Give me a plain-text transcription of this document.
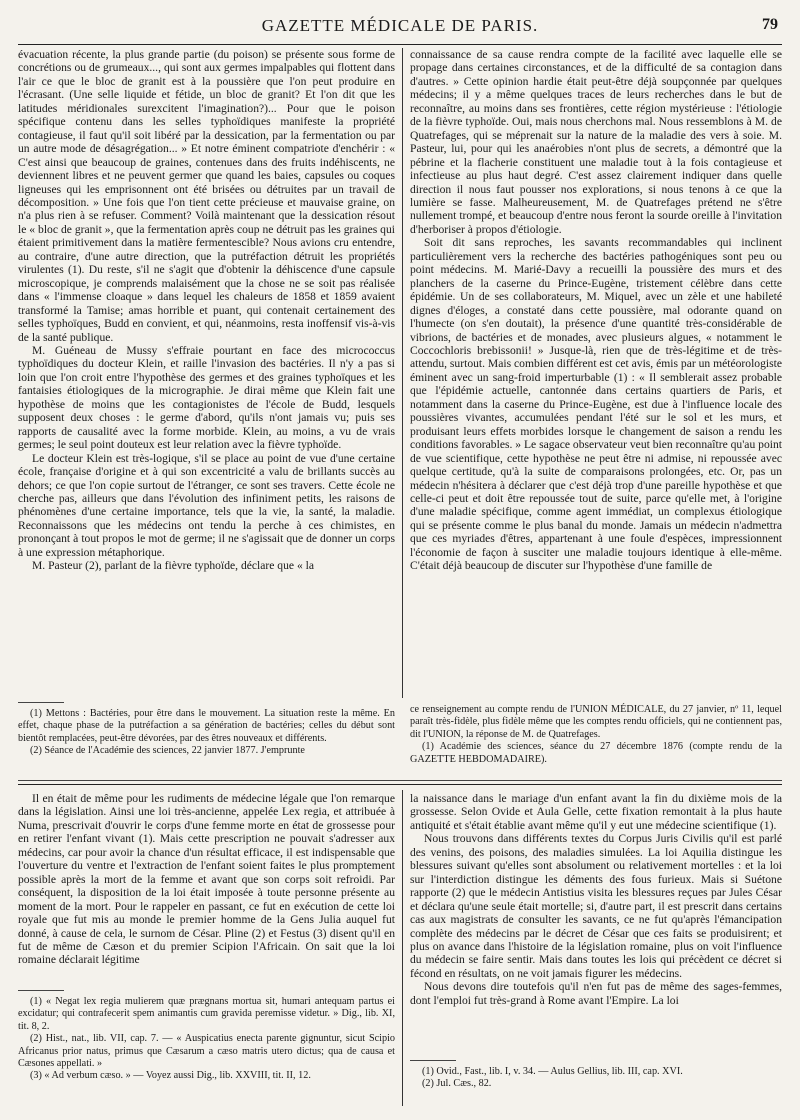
GAZETTE MÉDICALE DE PARIS.	79

évacuation récente, la plus grande partie (du poison) se présente sous forme de concrétions ou de grumeaux..., qui sont aux germes impalpables qui flottent dans l'air ce que le bloc de granit est à la poussière que l'on peut produire en l'écrasant. (Une selle liquide et fétide, un bloc de granit? Et l'on dit que les latitudes méridionales surexcitent l'imagination?)... Pour que le poison spécifique contenu dans les selles typhoïdiques manifeste la propriété contagieuse, il faut qu'il soit libéré par la dessication, par la fermentation ou par un autre mode de désagrégation... » Et notre éminent compatriote d'enchérir : « C'est ainsi que beaucoup de graines, contenues dans des fruits indéhiscents, ne deviennent libres et ne peuvent germer que quand les baies, capsules ou coques ligneuses qui les emprisonnent ont été brisées ou détruites par un travail de décomposition. » Une fois que l'on tient cette précieuse et mauvaise graine, on n'a plus rien à se refuser. Comment? Voilà maintenant que la dessication résout le « bloc de granit », que la fermentation après coup ne détruit pas les graines qui étaient primitivement dans la matière fermentescible? Nous avions cru entendre, au contraire, d'une autre direction, que la putréfaction détruit les propriétés virulentes (1). Du reste, s'il ne s'agit que d'obtenir la déhiscence d'une capsule microscopique, je comprends malaisément que la chose ne se soit pas réalisée dans « l'immense cloaque » dans lequel les chaleurs de 1858 et 1859 avaient transformé la Tamise; amas horrible et puant, qui contenait certainement des selles typhoïques, Budd en convient, et qui, néanmoins, resta inoffensif vis-à-vis de la santé publique.

M. Guéneau de Mussy s'effraie pourtant en face des micrococcus typhoïdiques du docteur Klein, et raille l'invasion des bactéries. Il n'y a pas si loin que l'on croit entre l'hypothèse des germes et des graines typhoïques et les fantaisies étiologiques de la micrographie. Je dirai même que Klein fait une hypothèse de moins que les contagionistes de l'école de Budd, lesquels supposent deux choses : le germe d'abord, qu'ils n'ont jamais vu; puis ses rapports de causalité avec la forme morbide. Klein, au moins, a vu de vrais germes; le seul point douteux est leur relation avec la fièvre typhoïde.

Le docteur Klein est très-logique, s'il se place au point de vue d'une certaine école, française d'origine et à qui son excentricité a valu de brillants succès au dehors; ce que l'on copie surtout de l'étranger, ce sont ses travers. Cette école ne cherche pas, ailleurs que dans l'évolution des infiniment petits, les raisons de phénomènes d'une certaine importance, tels que la vie, la santé, la maladie. Reconnaissons que les médecins ont tendu la perche à ces chimistes, en prononçant à tout propos le mot de germe; il ne s'agissait que de donner un corps à une expression métaphorique.

M. Pasteur (2), parlant de la fièvre typhoïde, déclare que « la

connaissance de sa cause rendra compte de la facilité avec laquelle elle se propage dans certaines circonstances, et de la difficulté de sa contagion dans d'autres. » Cette opinion hardie était peut-être déjà soupçonnée par quelques médecins; il y a même quelques traces de leurs recherches dans le but de reconnaître, au moins dans ses frontières, cette région mystérieuse : l'étiologie de la fièvre typhoïde. Oui, mais nous cherchons mal. Nous ressemblons à M. de Quatrefages, qui se méprenait sur la nature de la maladie des vers à soie. M. Pasteur, lui, pour qui les anaérobies n'ont plus de secrets, a démontré que la pébrine et la flacherie constituent une maladie tout à la fois contagieuse et infectieuse au plus haut degré. C'est assez clairement indiquer dans quelle direction il nous faut pousser nos explorations, si nous tenons à ce que la lumière se fasse. Malheureusement, M. de Quatrefages prétend ne s'être nullement trompé, et beaucoup d'entre nous feront la sourde oreille à l'invitation d'herboriser à propos d'étiologie.

Soit dit sans reproches, les savants recommandables qui inclinent particulièrement vers la recherche des bactéries pathogéniques sont peu ou point médecins. M. Marié-Davy a recueilli la poussière des murs et des planchers de la caserne du Prince-Eugène, tristement célèbre dans cette épidémie. Un de ses collaborateurs, M. Miquel, avec un zèle et une habileté dignes d'éloges, a constaté dans cette poussière, mal odorante quand on l'humecte (on s'en doutait), la présence d'une quantité très-considérable de vibrions, de bactéries et de monades, avec plusieurs algues, « notamment le Coccochloris brebissonii! » Jusque-là, rien que de très-légitime et de très-attendu, surtout. Mais combien différent est cet avis, émis par un météorologiste éminent avec un sang-froid imperturbable (1) : « Il semblerait assez probable que l'épidémie actuelle, cantonnée dans certains quartiers de Paris, et notamment dans la caserne du Prince-Eugène, est due à l'influence locale des poussières vivantes, accumulées pendant l'été sur le sol et les murs, et produisant leurs effets morbides lorsque le changement de saison a rendu les conditions favorables. » Le sagace observateur veut bien reconnaître qu'au point de vue scientifique, cette hypothèse ne peut être ni admise, ni repoussée avec quelque certitude, qu'à la suite de comparaisons prolongées, etc. Or, pas un médecin n'hésitera à déclarer que c'est déjà trop d'une pareille hypothèse et que celle-ci peut et doit être repoussée tout de suite, parce qu'elle met, à l'origine d'une maladie spécifique, comme agent immédiat, un complexus étiologique qui se présente comme le plus banal du monde. Jamais un médecin n'admettra que ces myriades d'êtres, appartenant à une foule d'espèces, impressionnent l'économie de façon à susciter une maladie toujours identique à elle-même. C'était déjà beaucoup de discuter sur l'hypothèse d'une famille de

(1) Mettons : Bactéries, pour être dans le mouvement. La situation reste la même. En effet, chaque phase de la putréfaction a sa génération de bactéries; celles du début sont bientôt remplacées, peut-être dévorées, par des êtres nouveaux et différents.

(2) Séance de l'Académie des sciences, 22 janvier 1877. J'emprunte

ce renseignement au compte rendu de l'UNION MÉDICALE, du 27 janvier, nº 11, lequel paraît très-fidèle, plus fidèle même que les comptes rendu officiels, qui ne contiennent pas, dit l'UNION, la réponse de M. de Quatrefages.

(1) Académie des sciences, séance du 27 décembre 1876 (compte rendu de la GAZETTE HEBDOMADAIRE).

Il en était de même pour les rudiments de médecine légale que l'on remarque dans la législation. Ainsi une loi très-ancienne, appelée Lex regia, et attribuée à Numa, prescrivait d'ouvrir le corps d'une femme morte en état de grossesse pour en retirer l'enfant vivant (1). Mais cette prescription ne pouvait s'adresser aux médecins, car pour avoir la chance d'un résultat efficace, il est indispensable que l'ouverture du ventre et l'extraction de l'enfant soient faites le plus promptement possible après la mort de la femme et avant que son corps soit refroidi. Par conséquent, la disposition de la loi était imposée à toute personne présente au moment de la mort. Pour le rappeler en passant, ce fut en exécution de cette loi royale que fut mis au monde le premier homme de la Gens Julia auquel fut donné, à cause de cela, le surnom de César. Pline (2) et Festus (3) disent qu'il en fut de même de Cæson et du premier Scipion l'Africain. On sait que la loi romaine déclarait légitime

la naissance dans le mariage d'un enfant avant la fin du dixième mois de la grossesse. Selon Ovide et Aula Gelle, cette fixation remontait à la plus haute antiquité et s'était établie avant même qu'il y eut une médecine scientifique (1).

Nous trouvons dans différents textes du Corpus Juris Civilis qu'il est parlé des venins, des poisons, des maladies simulées. La loi Aquilia distingue les blessures suivant qu'elles sont absolument ou relativement mortelles : et la loi sur l'interdiction distingue les déments des fous furieux. Mais si Suétone rapporte (2) que le médecin Antistius visita les blessures reçues par Jules César et déclara qu'une seule était mortelle; si, d'autre part, il est prescrit dans certains cas aux magistrats de consulter les savants, ce ne fut qu'après l'émancipation complète des médecins par le décret de César que ces faits se produisirent; et plus on avance dans l'histoire de la législation romaine, plus on voit l'influence du médecin se faire sentir. Mais dans toutes les lois qui précèdent ce décret si fécond en résultats, on ne voit jamais figurer les médecins.

Nous devons dire toutefois qu'il n'en fut pas de même des sages-femmes, dont l'emploi fut très-grand à Rome avant l'Empire. La loi

(1) « Negat lex regia mulierem quæ prægnans mortua sit, humari antequam partus ei excidatur; qui contrafecerit spem animantis cum gravida peremisse videtur. » Dig., lib. XI, tit. 8, 2.

(2) Hist., nat., lib. VII, cap. 7. — « Auspicatius enecta parente gignuntur, sicut Scipio Africanus prior natus, primus que Cæsarum a cæso matris utero dictus; qua de causa et Cæsones appellati. »

(3) « Ad verbum cæso. » — Voyez aussi Dig., lib. XXVIII, tit. II, 12.	(1) Ovid., Fast., lib. I, v. 34. — Aulus Gellius, lib. III, cap. XVI.

(2) Jul. Cæs., 82.
